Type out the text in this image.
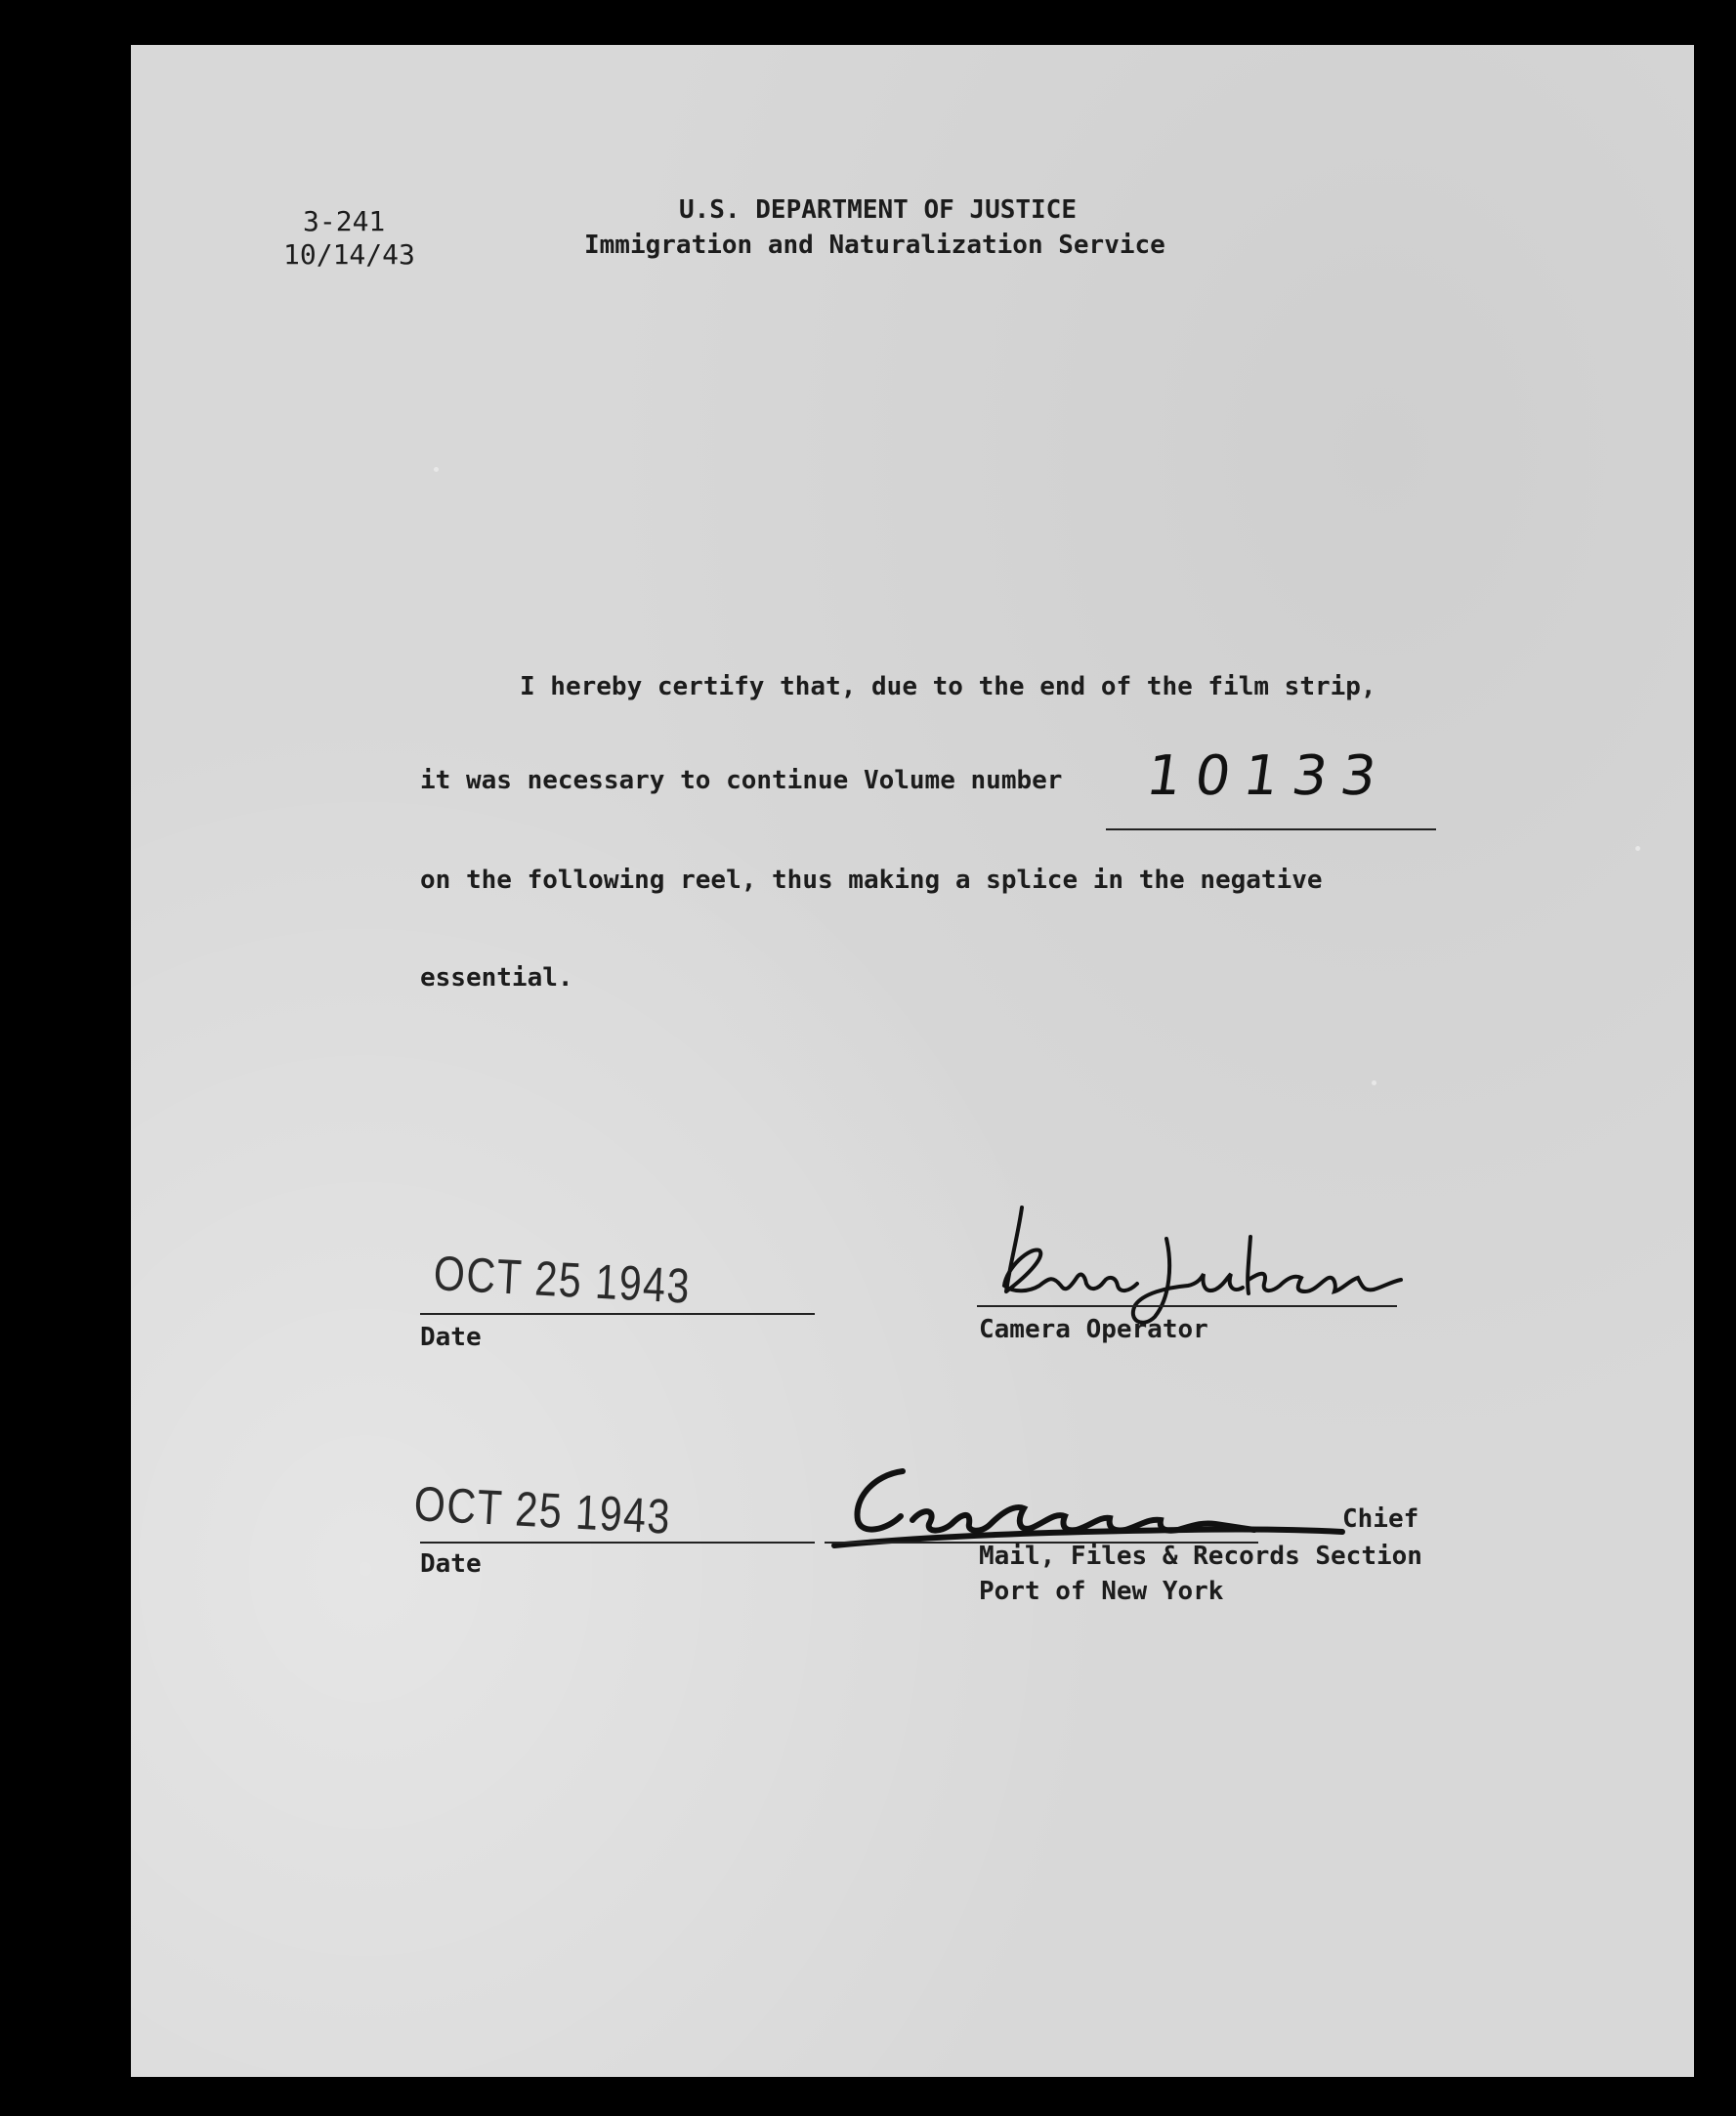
3-241
10/14/43
U.S. DEPARTMENT OF JUSTICE
Immigration and Naturalization Service
I hereby certify that, due to the end of the film strip,
it was necessary to continue Volume number 10133
on the following reel, thus making a splice in the negative
essential.
OCT 25 1943
Date	Camera Operator
OCT 25 1943
Date
Chief
Mail, Files & Records Section
Port of New York
